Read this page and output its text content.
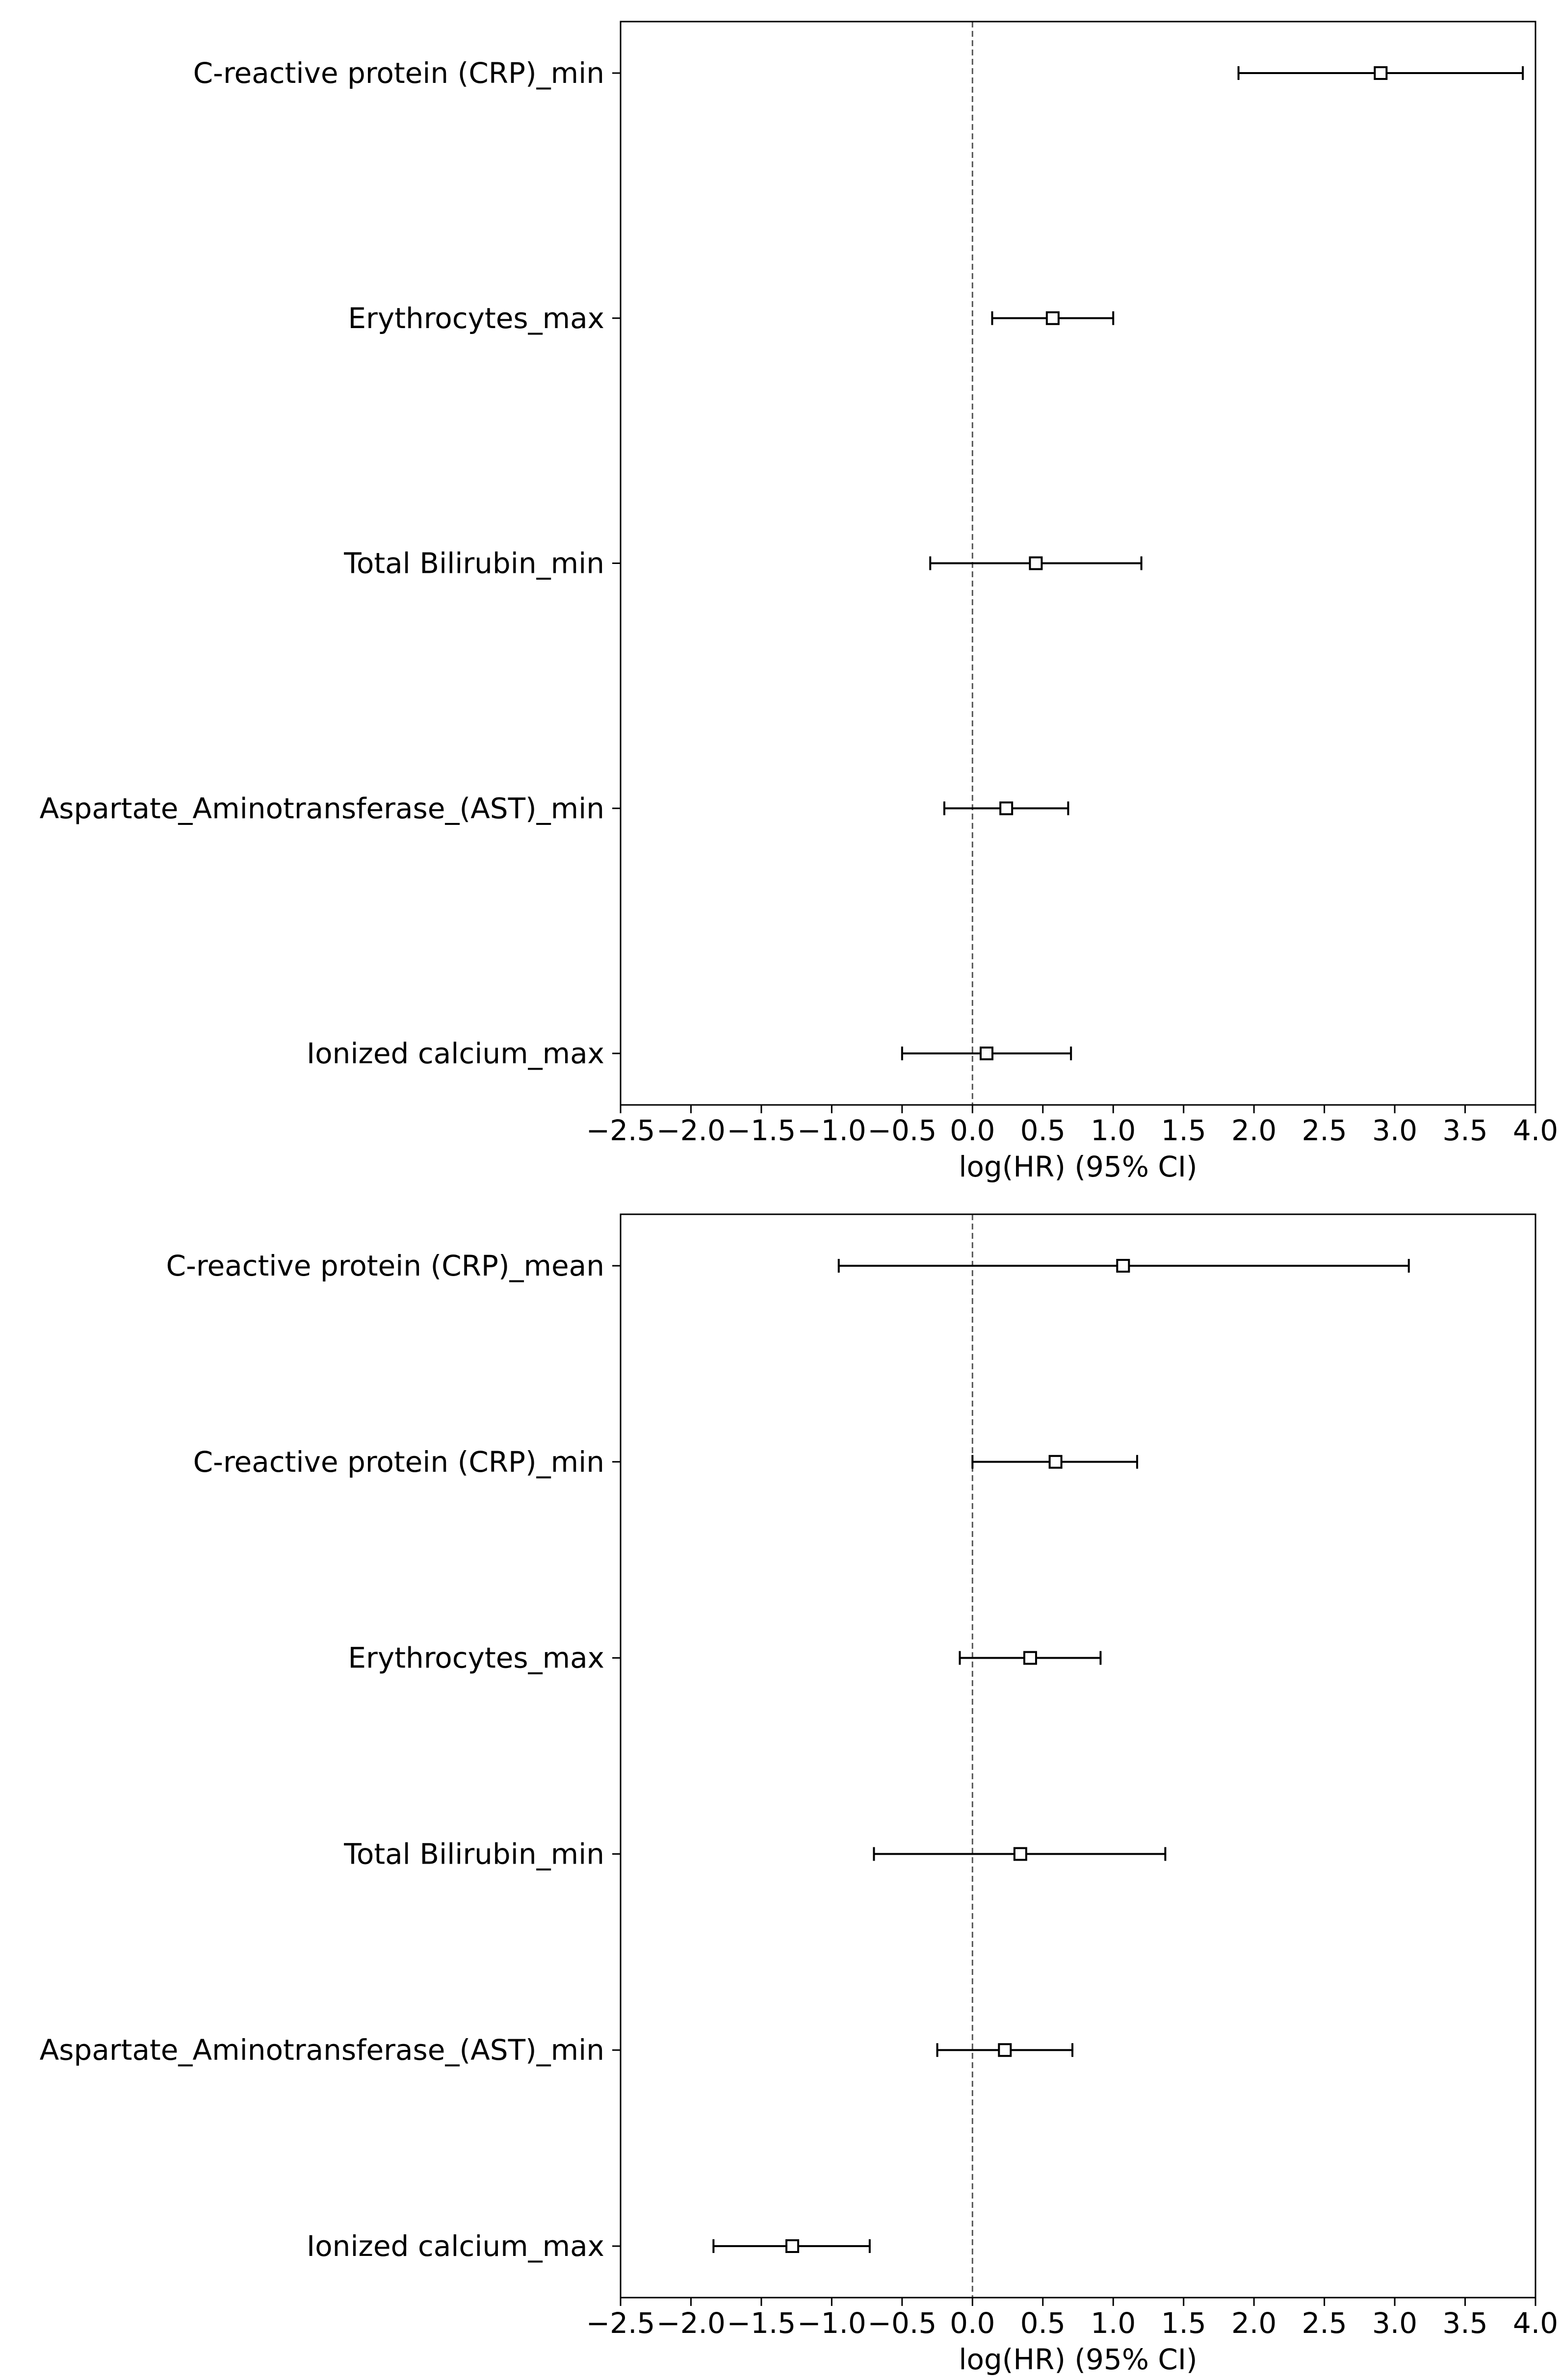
−2.5 −2.0 −1.5 −1.0 −0.5 0.0 0.5 1.0 1.5 2.0 2.5 3.0 3.5 4.0
log(HR) (95% CI)
C-reactive protein (CRP)_min
Erythrocytes_max
Total Bilirubin_min
Aspartate_Aminotransferase_(AST)_min
Ionized calcium_max
−2.5 −2.0 −1.5 −1.0 −0.5 0.0 0.5 1.0 1.5 2.0 2.5 3.0 3.5 4.0
log(HR) (95% CI)
C-reactive protein (CRP)_mean
C-reactive protein (CRP)_min
Erythrocytes_max
Total Bilirubin_min
Aspartate_Aminotransferase_(AST)_min
Ionized calcium_max
